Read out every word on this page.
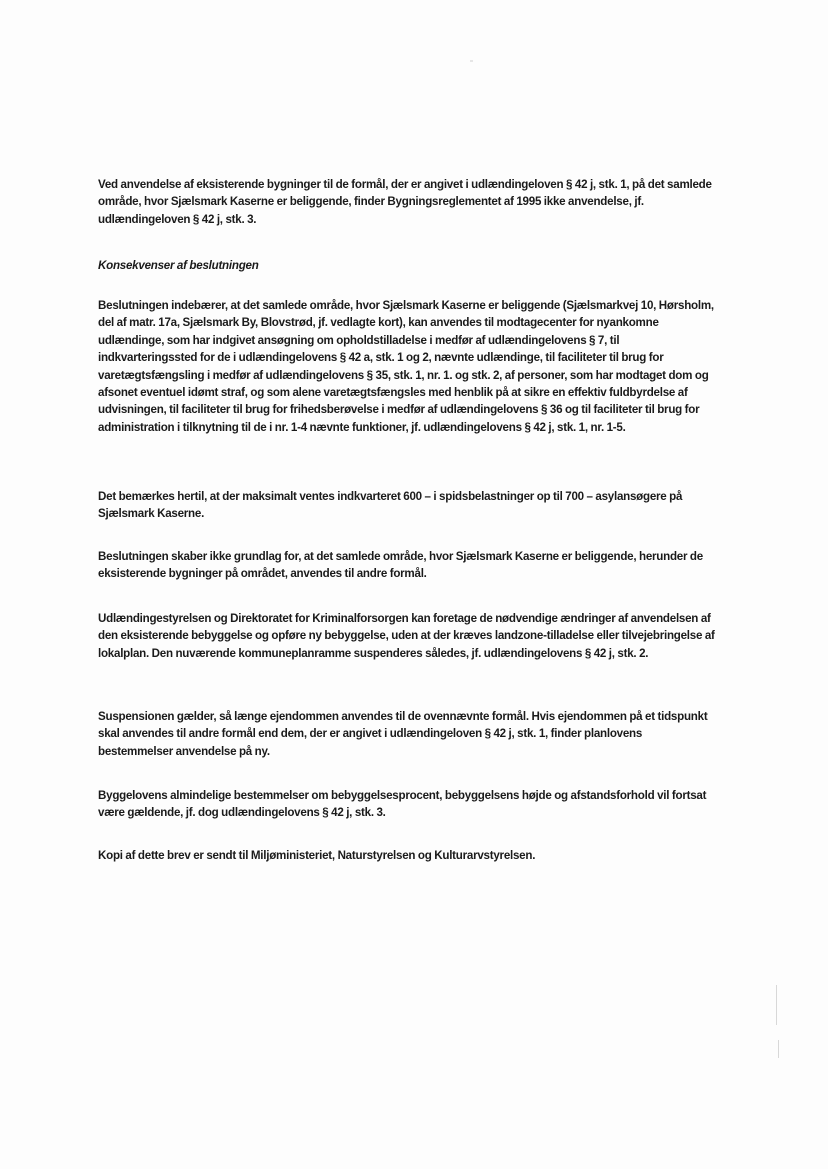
Ved anvendelse af eksisterende bygninger til de formål, der er angivet i udlændingeloven § 42 j, stk. 1, på det samlede område, hvor Sjælsmark Kaserne er beliggende, finder Bygningsreglementet af 1995 ikke anvendelse, jf. udlændingeloven § 42 j, stk. 3.

Konsekvenser af beslutningen

Beslutningen indebærer, at det samlede område, hvor Sjælsmark Kaserne er beliggende (Sjælsmarkvej 10, Hørsholm, del af matr. 17a, Sjælsmark By, Blovstrød, jf. vedlagte kort), kan anvendes til modtagecenter for nyankomne udlændinge, som har indgivet ansøgning om opholdstilladelse i medfør af udlændingelovens § 7, til indkvarteringssted for de i udlændingelovens § 42 a, stk. 1 og 2, nævnte udlændinge, til faciliteter til brug for varetægtsfængsling i medfør af udlændingelovens § 35, stk. 1, nr. 1. og stk. 2, af personer, som har modtaget dom og afsonet eventuel idømt straf, og som alene varetægtsfængsles med henblik på at sikre en effektiv fuldbyrdelse af udvisningen, til faciliteter til brug for frihedsberøvelse i medfør af udlændingelovens § 36 og til faciliteter til brug for administration i tilknytning til de i nr. 1-4 nævnte funktioner, jf. udlændingelovens § 42 j, stk. 1, nr. 1-5.

Det bemærkes hertil, at der maksimalt ventes indkvarteret 600 – i spidsbelastninger op til 700 – asylansøgere på Sjælsmark Kaserne.

Beslutningen skaber ikke grundlag for, at det samlede område, hvor Sjælsmark Kaserne er beliggende, herunder de eksisterende bygninger på området, anvendes til andre formål.

Udlændingestyrelsen og Direktoratet for Kriminalforsorgen kan foretage de nødvendige ændringer af anvendelsen af den eksisterende bebyggelse og opføre ny bebyggelse, uden at der kræves landzone-tilladelse eller tilvejebringelse af lokalplan. Den nuværende kommuneplanramme suspenderes således, jf. udlændingelovens § 42 j, stk. 2.

Suspensionen gælder, så længe ejendommen anvendes til de ovennævnte formål. Hvis ejendommen på et tidspunkt skal anvendes til andre formål end dem, der er angivet i udlændingeloven § 42 j, stk. 1, finder planlovens bestemmelser anvendelse på ny.

Byggelovens almindelige bestemmelser om bebyggelsesprocent, bebyggelsens højde og afstandsforhold vil fortsat være gældende, jf. dog udlændingelovens § 42 j, stk. 3.

Kopi af dette brev er sendt til Miljøministeriet, Naturstyrelsen og Kulturarvstyrelsen.
